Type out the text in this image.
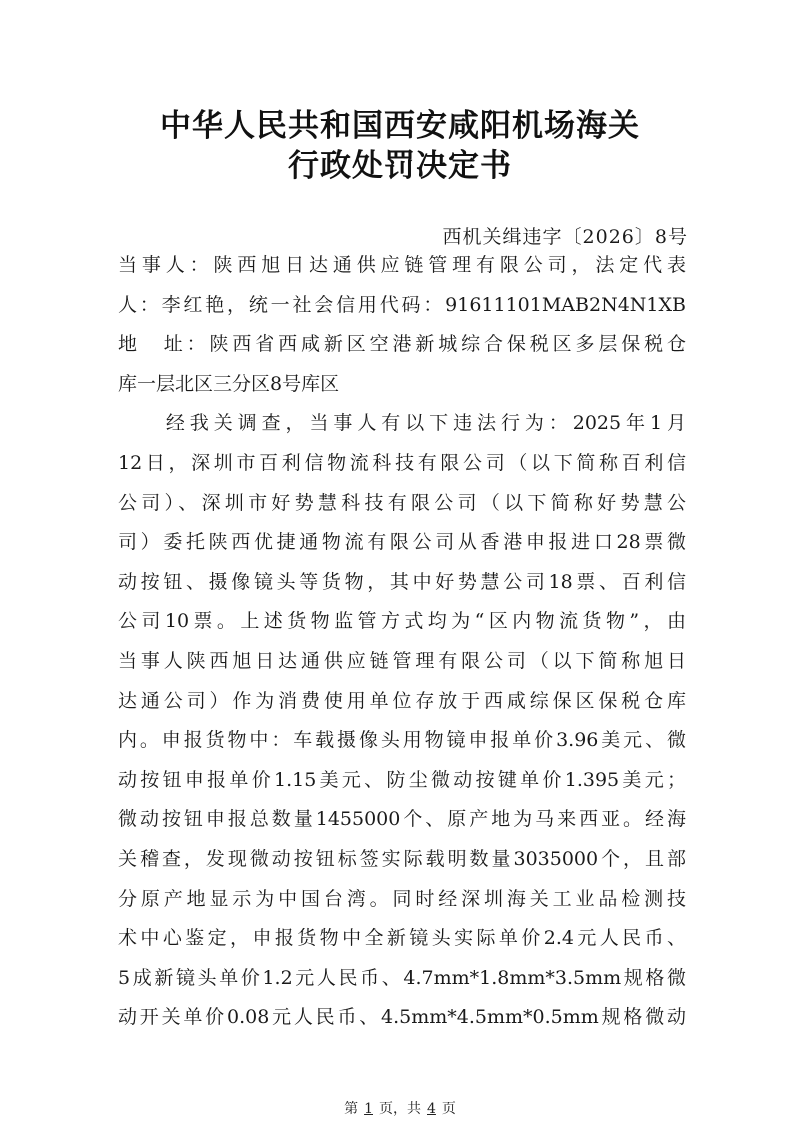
中华人民共和国西安咸阳机场海关
行政处罚决定书
西机关缉违字〔2026〕8号
当事人：陕西旭日达通供应链管理有限公司，法定代表
人：李红艳，统一社会信用代码：91611101MAB2N4N1XB
地　址：陕西省西咸新区空港新城综合保税区多层保税仓
库一层北区三分区8号库区
　　经我关调查，当事人有以下违法行为：2025年1月
12日，深圳市百利信物流科技有限公司（以下简称百利信
公司）、深圳市好势慧科技有限公司（以下简称好势慧公
司）委托陕西优捷通物流有限公司从香港申报进口28票微
动按钮、摄像镜头等货物，其中好势慧公司18票、百利信
公司10票。上述货物监管方式均为“区内物流货物”，由
当事人陕西旭日达通供应链管理有限公司（以下简称旭日
达通公司）作为消费使用单位存放于西咸综保区保税仓库
内。申报货物中：车载摄像头用物镜申报单价3.96美元、微
动按钮申报单价1.15美元、防尘微动按键单价1.395美元；
微动按钮申报总数量1455000个、原产地为马来西亚。经海
关稽查，发现微动按钮标签实际载明数量3035000个，且部
分原产地显示为中国台湾。同时经深圳海关工业品检测技
术中心鉴定，申报货物中全新镜头实际单价2.4元人民币、
5成新镜头单价1.2元人民币、4.7mm*1.8mm*3.5mm规格微
动开关单价0.08元人民币、4.5mm*4.5mm*0.5mm规格微动
第 1 页，共 4 页
